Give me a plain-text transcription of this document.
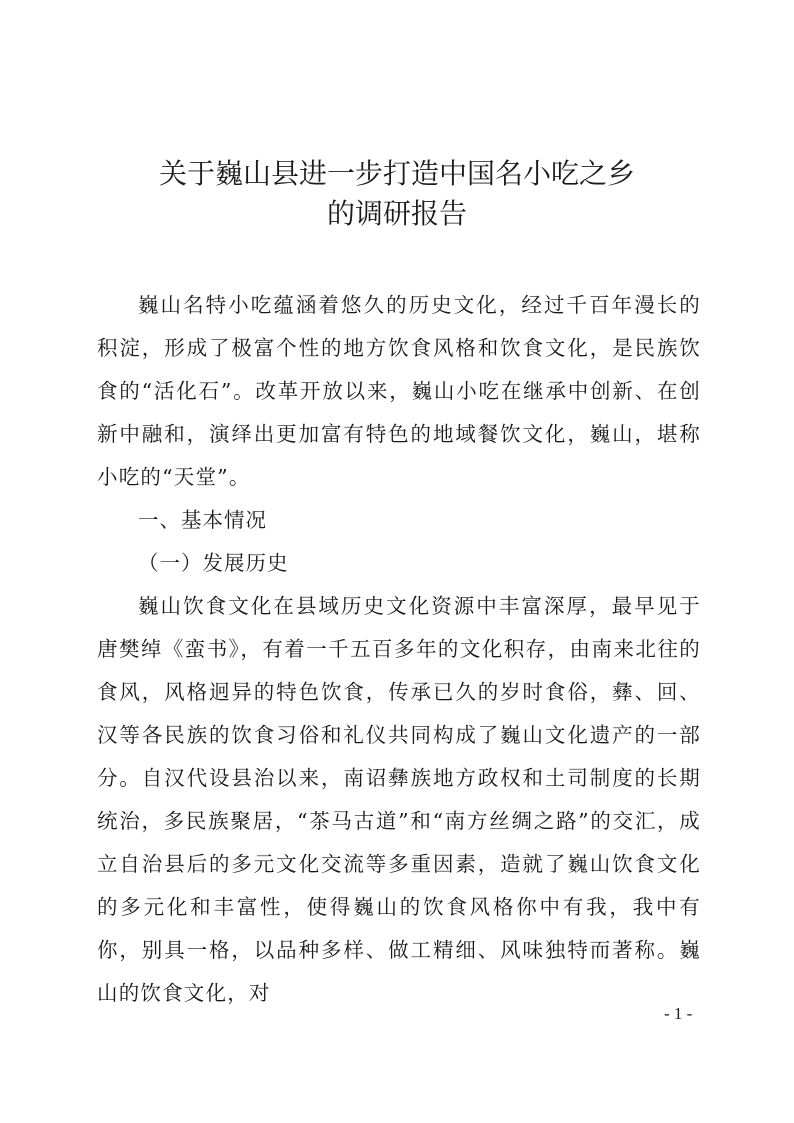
关于巍山县进一步打造中国名小吃之乡
的调研报告

巍山名特小吃蕴涵着悠久的历史文化，经过千百年漫长的积淀，形成了极富个性的地方饮食风格和饮食文化，是民族饮食的“活化石”。改革开放以来，巍山小吃在继承中创新、在创新中融和，演绎出更加富有特色的地域餐饮文化，巍山，堪称小吃的“天堂”。

一、基本情况

（一）发展历史

巍山饮食文化在县域历史文化资源中丰富深厚，最早见于唐樊绰《蛮书》，有着一千五百多年的文化积存，由南来北往的食风，风格迥异的特色饮食，传承已久的岁时食俗，彝、回、汉等各民族的饮食习俗和礼仪共同构成了巍山文化遗产的一部分。自汉代设县治以来，南诏彝族地方政权和土司制度的长期统治，多民族聚居，“茶马古道”和“南方丝绸之路”的交汇，成立自治县后的多元文化交流等多重因素，造就了巍山饮食文化的多元化和丰富性，使得巍山的饮食风格你中有我，我中有你，别具一格，以品种多样、做工精细、风味独特而著称。巍山的饮食文化，对

- 1 -
